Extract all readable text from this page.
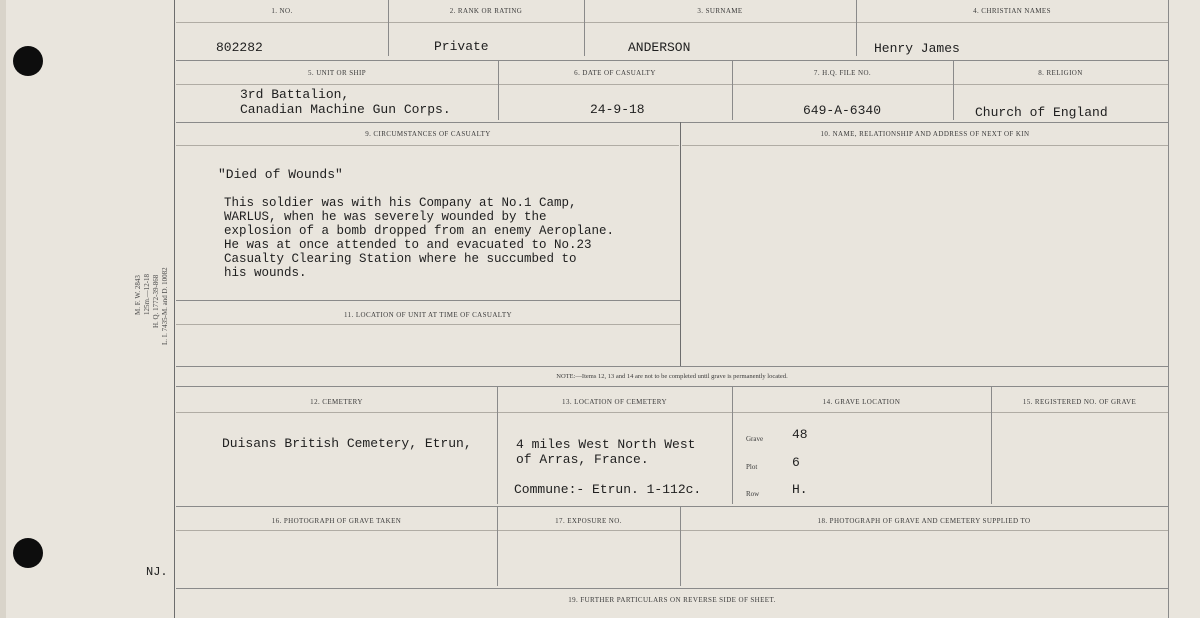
M. F. W. 2843 125m.—12-18 H. Q. 1772-39-868 L. I. 7435-M. and D. 10082
NJ.
1. NO.	2. RANK OR RATING	3. SURNAME	4. CHRISTIAN NAMES
802282	Private	ANDERSON	Henry James
5. UNIT OR SHIP	6. DATE OF CASUALTY	7. H.Q. FILE NO.	8. RELIGION
3rd Battalion,
Canadian Machine Gun Corps.	24-9-18	649-A-6340	Church of England
9. CIRCUMSTANCES OF CASUALTY	10. NAME, RELATIONSHIP AND ADDRESS OF NEXT OF KIN
"Died of Wounds"
This soldier was with his Company at No.1 Camp,
WARLUS, when he was severely wounded by the
explosion of a bomb dropped from an enemy Aeroplane.
He was at once attended to and evacuated to No.23
Casualty Clearing Station where he succumbed to
his wounds.
11. LOCATION OF UNIT AT TIME OF CASUALTY
NOTE:—Items 12, 13 and 14 are not to be completed until grave is permanently located.
12. CEMETERY	13. LOCATION OF CEMETERY	14. GRAVE LOCATION	15. REGISTERED NO. OF GRAVE
Duisans British Cemetery, Etrun,	4 miles West North West
of Arras, France.
Commune:- Etrun. 1-112c.
Grave 48
Plot	6
Row	H.
16. PHOTOGRAPH OF GRAVE TAKEN	17. EXPOSURE NO.	18. PHOTOGRAPH OF GRAVE AND CEMETERY SUPPLIED TO
19. FURTHER PARTICULARS ON REVERSE SIDE OF SHEET.
